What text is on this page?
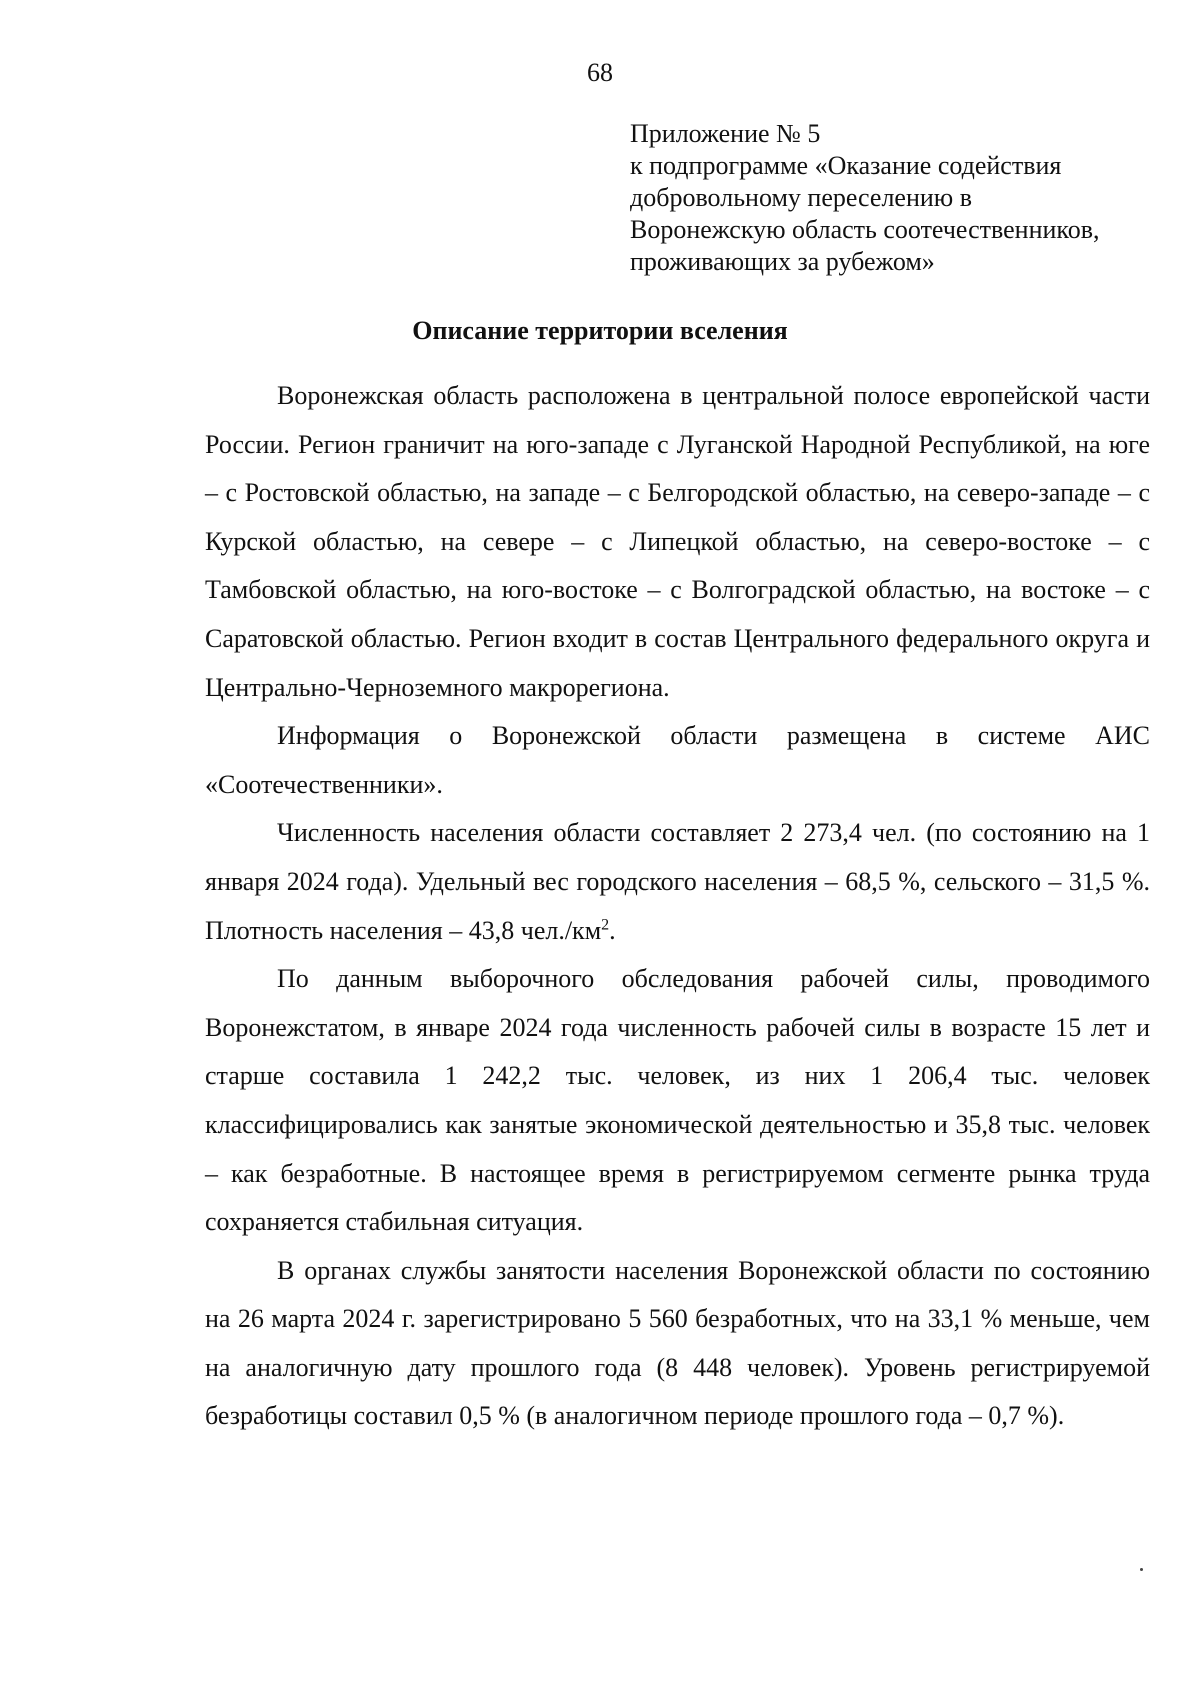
68
Приложение № 5
к подпрограмме «Оказание содействия
добровольному переселению в
Воронежскую область соотечественников,
проживающих за рубежом»
Описание территории вселения

Воронежская область расположена в центральной полосе европейской части России. Регион граничит на юго-западе с Луганской Народной Республикой, на юге – с Ростовской областью, на западе – с Белгородской областью, на северо-западе – с Курской областью, на севере – с Липецкой областью, на северо-востоке – с Тамбовской областью, на юго-востоке – с Волгоградской областью, на востоке – с Саратовской областью. Регион входит в состав Центрального федерального округа и Центрально-Черноземного макрорегиона.

Информация о Воронежской области размещена в системе АИС «Соотечественники».

Численность населения области составляет 2 273,4 чел. (по состоянию на 1 января 2024 года). Удельный вес городского населения – 68,5 %, сельского – 31,5 %. Плотность населения – 43,8 $чел./км^2$.

По данным выборочного обследования рабочей силы, проводимого Воронежстатом, в январе 2024 года численность рабочей силы в возрасте 15 лет и старше составила 1 242,2 тыс. человек, из них 1 206,4 тыс. человек классифицировались как занятые экономической деятельностью и 35,8 тыс. человек – как безработные. В настоящее время в регистрируемом сегменте рынка труда сохраняется стабильная ситуация.

В органах службы занятости населения Воронежской области по состоянию на 26 марта 2024 г. зарегистрировано 5 560 безработных, что на 33,1 % меньше, чем на аналогичную дату прошлого года (8 448 человек). Уровень регистрируемой безработицы составил 0,5 % (в аналогичном периоде прошлого года – 0,7 %).
